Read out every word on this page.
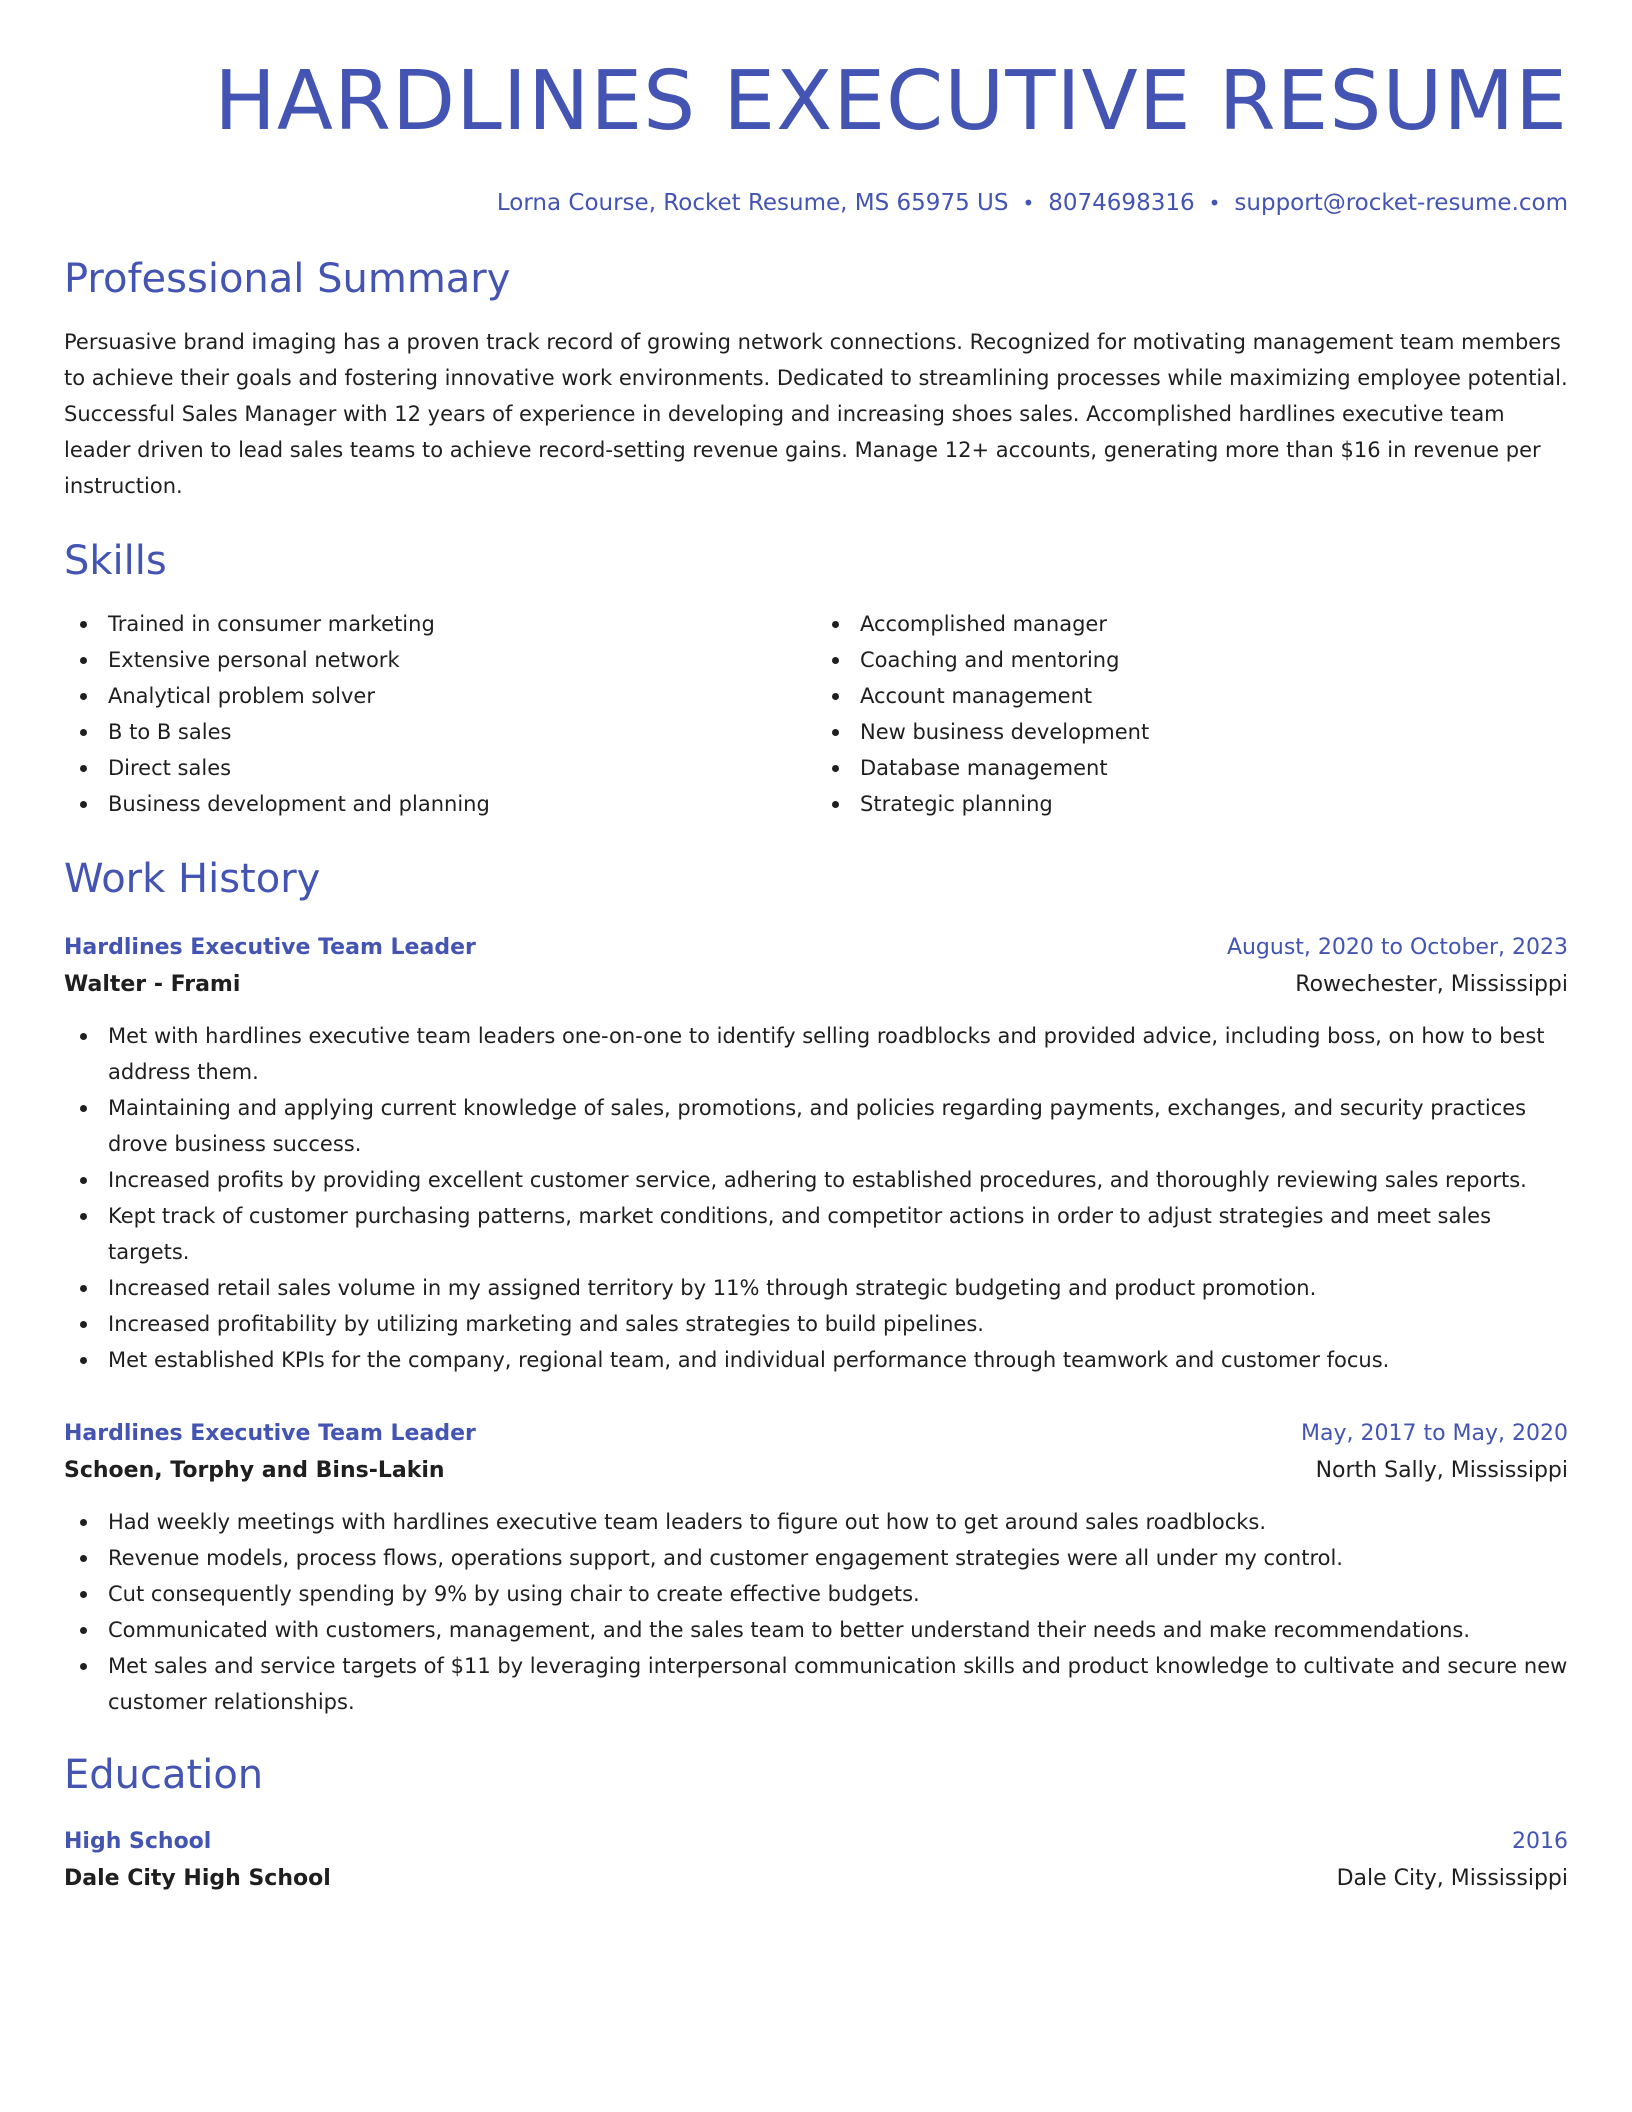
HARDLINES EXECUTIVE RESUME
Lorna Course, Rocket Resume, MS 65975 US • 8074698316 • support@rocket-resume.com
Professional Summary
Persuasive brand imaging has a proven track record of growing network connections. Recognized for motivating management team members to achieve their goals and fostering innovative work environments. Dedicated to streamlining processes while maximizing employee potential. Successful Sales Manager with 12 years of experience in developing and increasing shoes sales. Accomplished hardlines executive team leader driven to lead sales teams to achieve record-setting revenue gains. Manage 12+ accounts, generating more than $16 in revenue per instruction.
Skills
Trained in consumer marketing
Extensive personal network
Analytical problem solver
B to B sales
Direct sales
Business development and planning
Accomplished manager
Coaching and mentoring
Account management
New business development
Database management
Strategic planning
Work History
Hardlines Executive Team Leader	August, 2020 to October, 2023
Walter - Frami	Rowechester, Mississippi
Met with hardlines executive team leaders one-on-one to identify selling roadblocks and provided advice, including boss, on how to best address them.
Maintaining and applying current knowledge of sales, promotions, and policies regarding payments, exchanges, and security practices drove business success.
Increased profits by providing excellent customer service, adhering to established procedures, and thoroughly reviewing sales reports.
Kept track of customer purchasing patterns, market conditions, and competitor actions in order to adjust strategies and meet sales targets.
Increased retail sales volume in my assigned territory by 11% through strategic budgeting and product promotion.
Increased profitability by utilizing marketing and sales strategies to build pipelines.
Met established KPIs for the company, regional team, and individual performance through teamwork and customer focus.
Hardlines Executive Team Leader	May, 2017 to May, 2020
Schoen, Torphy and Bins-Lakin	North Sally, Mississippi
Had weekly meetings with hardlines executive team leaders to figure out how to get around sales roadblocks.
Revenue models, process flows, operations support, and customer engagement strategies were all under my control.
Cut consequently spending by 9% by using chair to create effective budgets.
Communicated with customers, management, and the sales team to better understand their needs and make recommendations.
Met sales and service targets of $11 by leveraging interpersonal communication skills and product knowledge to cultivate and secure new customer relationships.
Education
High School	2016
Dale City High School	Dale City, Mississippi
